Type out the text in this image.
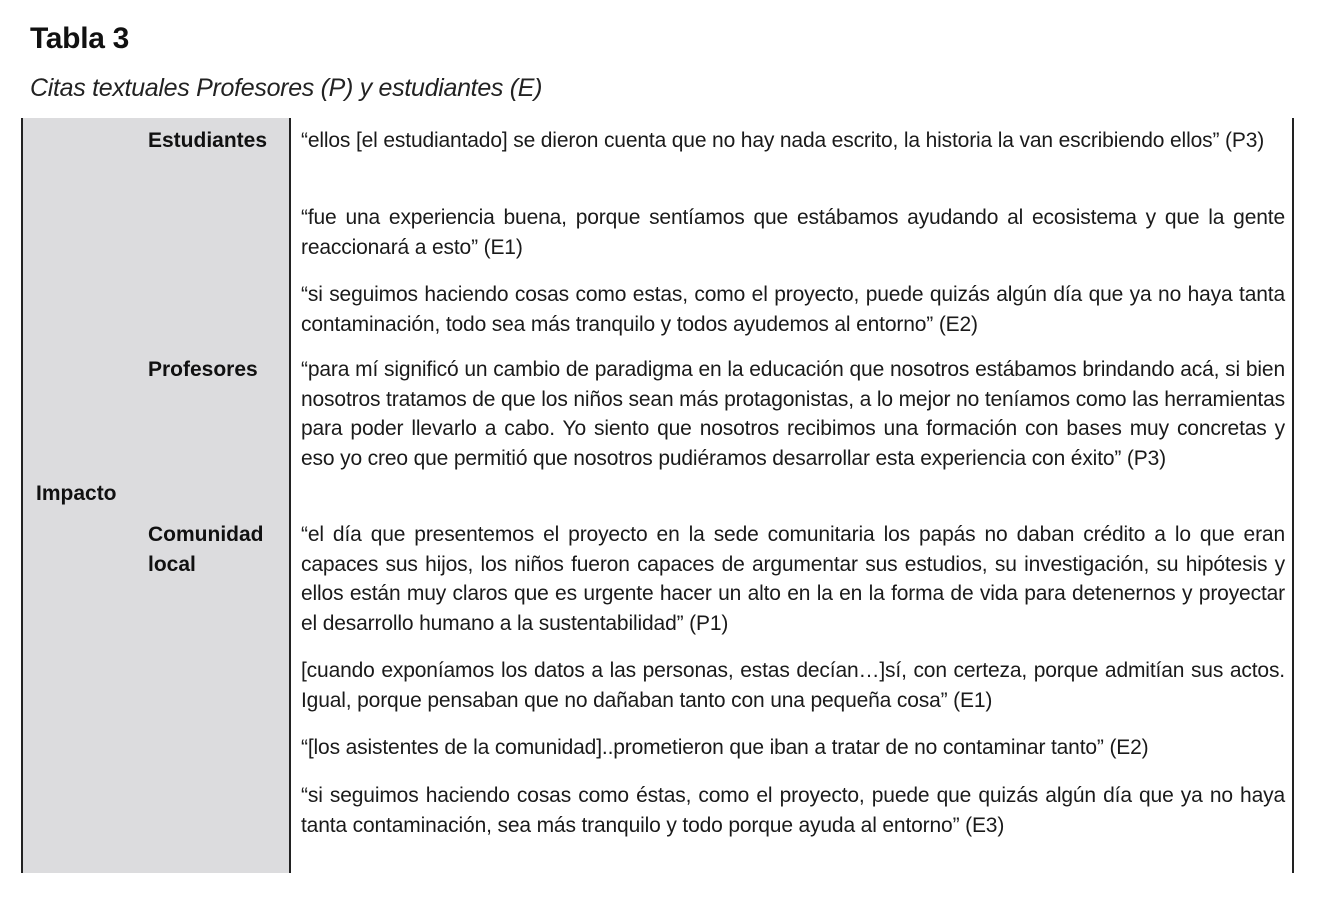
Tabla 3
Citas textuales Profesores (P) y estudiantes (E)
Impacto
Estudiantes
Profesores
Comunidad local
“ellos [el estudiantado] se dieron cuenta que no hay nada escrito, la historia la van escribiendo ellos” (P3)
“fue una experiencia buena, porque sentíamos que estábamos ayudando al ecosistema y que la gente reaccionará a esto” (E1)
“si seguimos haciendo cosas como estas, como el proyecto, puede quizás algún día que ya no haya tanta contaminación, todo sea más tranquilo y todos ayudemos al entorno” (E2)
“para mí significó un cambio de paradigma en la educación que nosotros estábamos brindando acá, si bien nosotros tratamos de que los niños sean más protagonistas, a lo mejor no teníamos como las herramientas para poder llevarlo a cabo. Yo siento que nosotros recibimos una formación con bases muy concretas y eso yo creo que permitió que nosotros pudiéramos desarrollar esta experiencia con éxito” (P3)
“el día que presentemos el proyecto en la sede comunitaria los papás no daban crédito a lo que eran capaces sus hijos, los niños fueron capaces de argumentar sus estudios, su investigación, su hipótesis y ellos están muy claros que es urgente hacer un alto en la en la forma de vida para detenernos y proyectar el desarrollo humano a la sustentabilidad” (P1)
[cuando exponíamos los datos a las personas, estas decían…]sí, con certeza, porque admitían sus actos. Igual, porque pensaban que no dañaban tanto con una pequeña cosa” (E1)
“[los asistentes de la comunidad]..prometieron que iban a tratar de no contaminar tanto” (E2)
“si seguimos haciendo cosas como éstas, como el proyecto, puede que quizás algún día que ya no haya tanta contaminación, sea más tranquilo y todo porque ayuda al entorno” (E3)
